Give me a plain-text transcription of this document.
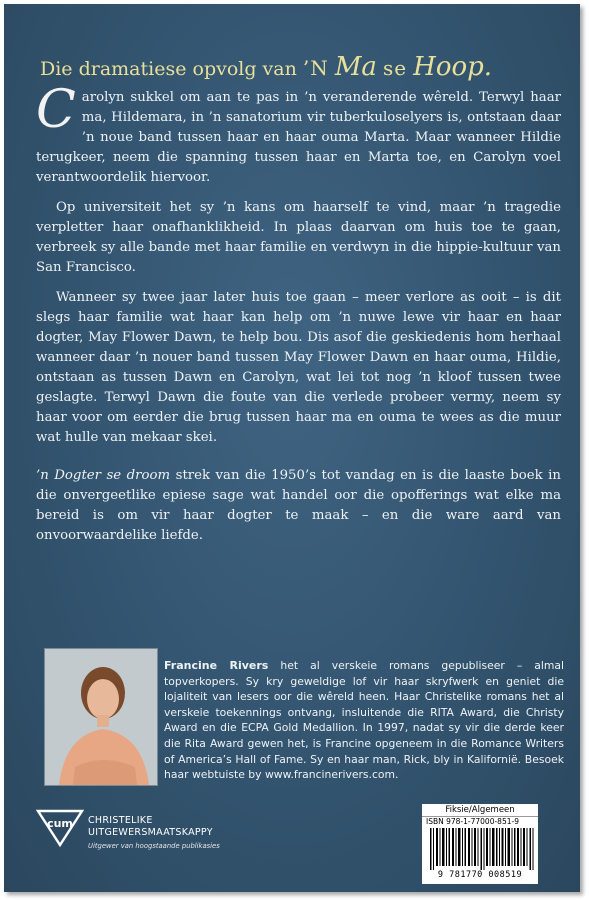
Die dramatiese opvolg van ’N Ma se Hoop.

Carolyn sukkel om aan te pas in ’n veranderende wêreld. Terwyl haar ma, Hildemara, in ’n sanatorium vir tuberkuloselyers is, ontstaan daar ’n noue band tussen haar en haar ouma Marta. Maar wanneer Hildie terugkeer, neem die spanning tussen haar en Marta toe, en Carolyn voel verantwoordelik hiervoor.

Op universiteit het sy ’n kans om haarself te vind, maar ’n tragedie verpletter haar onafhanklikheid. In plaas daarvan om huis toe te gaan, verbreek sy alle bande met haar familie en verdwyn in die hippie-kultuur van San Francisco.

Wanneer sy twee jaar later huis toe gaan – meer verlore as ooit – is dit slegs haar familie wat haar kan help om ’n nuwe lewe vir haar en haar dogter, May Flower Dawn, te help bou. Dis asof die geskiedenis hom herhaal wanneer daar ’n nouer band tussen May Flower Dawn en haar ouma, Hildie, ontstaan as tussen Dawn en Carolyn, wat lei tot nog ’n kloof tussen twee geslagte. Terwyl Dawn die foute van die verlede probeer vermy, neem sy haar voor om eerder die brug tussen haar ma en ouma te wees as die muur wat hulle van mekaar skei.

’n Dogter se droom strek van die 1950’s tot vandag en is die laaste boek in die onvergeetlike epiese sage wat handel oor die opofferings wat elke ma bereid is om vir haar dogter te maak – en die ware aard van onvoorwaardelike liefde.

Francine Rivers het al verskeie romans gepubliseer – almal topverkopers. Sy kry geweldige lof vir haar skryfwerk en geniet die lojaliteit van lesers oor die wêreld heen. Haar Christelike romans het al verskeie toekennings ontvang, insluitende die RITA Award, die Christy Award en die ECPA Gold Medallion. In 1997, nadat sy vir die derde keer die Rita Award gewen het, is Francine opgeneem in die Romance Writers of America’s Hall of Fame. Sy en haar man, Rick, bly in Kalifornië. Besoek haar webtuiste by www.francinerivers.com.
cum CHRISTELIKE
UITGEWERSMAATSKAPPY
Uitgewer van hoogstaande publikasies
Fiksie/Algemeen
ISBN 978-1-77000-851-9
9 781770 008519
